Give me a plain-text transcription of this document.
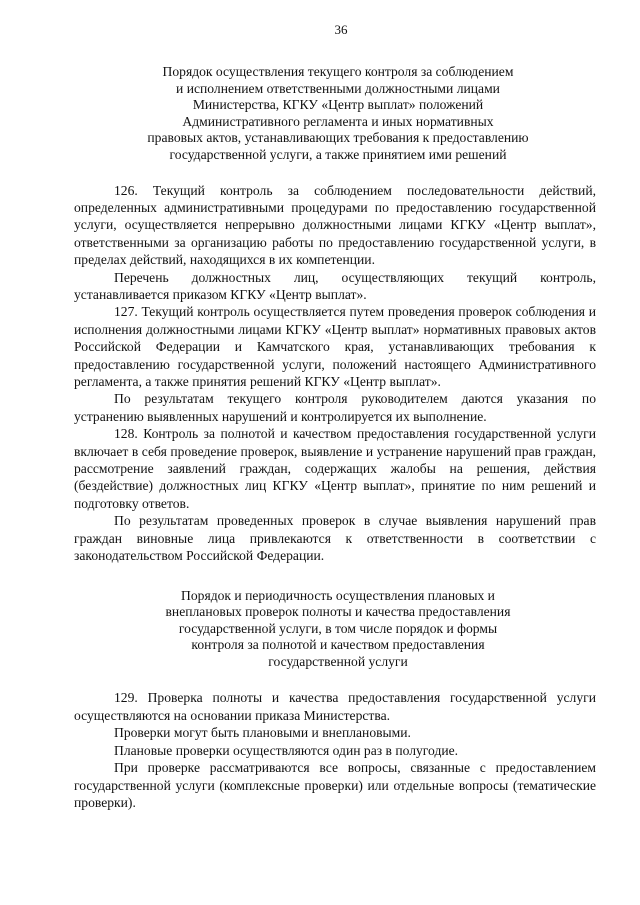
36
Порядок осуществления текущего контроля за соблюдением
и исполнением ответственными должностными лицами
Министерства, КГКУ «Центр выплат» положений
Административного регламента и иных нормативных
правовых актов, устанавливающих требования к предоставлению
государственной услуги, а также принятием ими решений

126. Текущий контроль за соблюдением последовательности действий, определенных административными процедурами по предоставлению государственной услуги, осуществляется непрерывно должностными лицами КГКУ «Центр выплат», ответственными за организацию работы по предоставлению государственной услуги, в пределах действий, находящихся в их компетенции.

Перечень должностных лиц, осуществляющих текущий контроль, устанавливается приказом КГКУ «Центр выплат».

127. Текущий контроль осуществляется путем проведения проверок соблюдения и исполнения должностными лицами КГКУ «Центр выплат» нормативных правовых актов Российской Федерации и Камчатского края, устанавливающих требования к предоставлению государственной услуги, положений настоящего Административного регламента, а также принятия решений КГКУ «Центр выплат».

По результатам текущего контроля руководителем даются указания по устранению выявленных нарушений и контролируется их выполнение.

128. Контроль за полнотой и качеством предоставления государственной услуги включает в себя проведение проверок, выявление и устранение нарушений прав граждан, рассмотрение заявлений граждан, содержащих жалобы на решения, действия (бездействие) должностных лиц КГКУ «Центр выплат», принятие по ним решений и подготовку ответов.

По результатам проведенных проверок в случае выявления нарушений прав граждан виновные лица привлекаются к ответственности в соответствии с законодательством Российской Федерации.

Порядок и периодичность осуществления плановых и
внеплановых проверок полноты и качества предоставления
государственной услуги, в том числе порядок и формы
контроля за полнотой и качеством предоставления
государственной услуги

129. Проверка полноты и качества предоставления государственной услуги осуществляются на основании приказа Министерства.

Проверки могут быть плановыми и внеплановыми.

Плановые проверки осуществляются один раз в полугодие.

При проверке рассматриваются все вопросы, связанные с предоставлением государственной услуги (комплексные проверки) или отдельные вопросы (тематические проверки).
